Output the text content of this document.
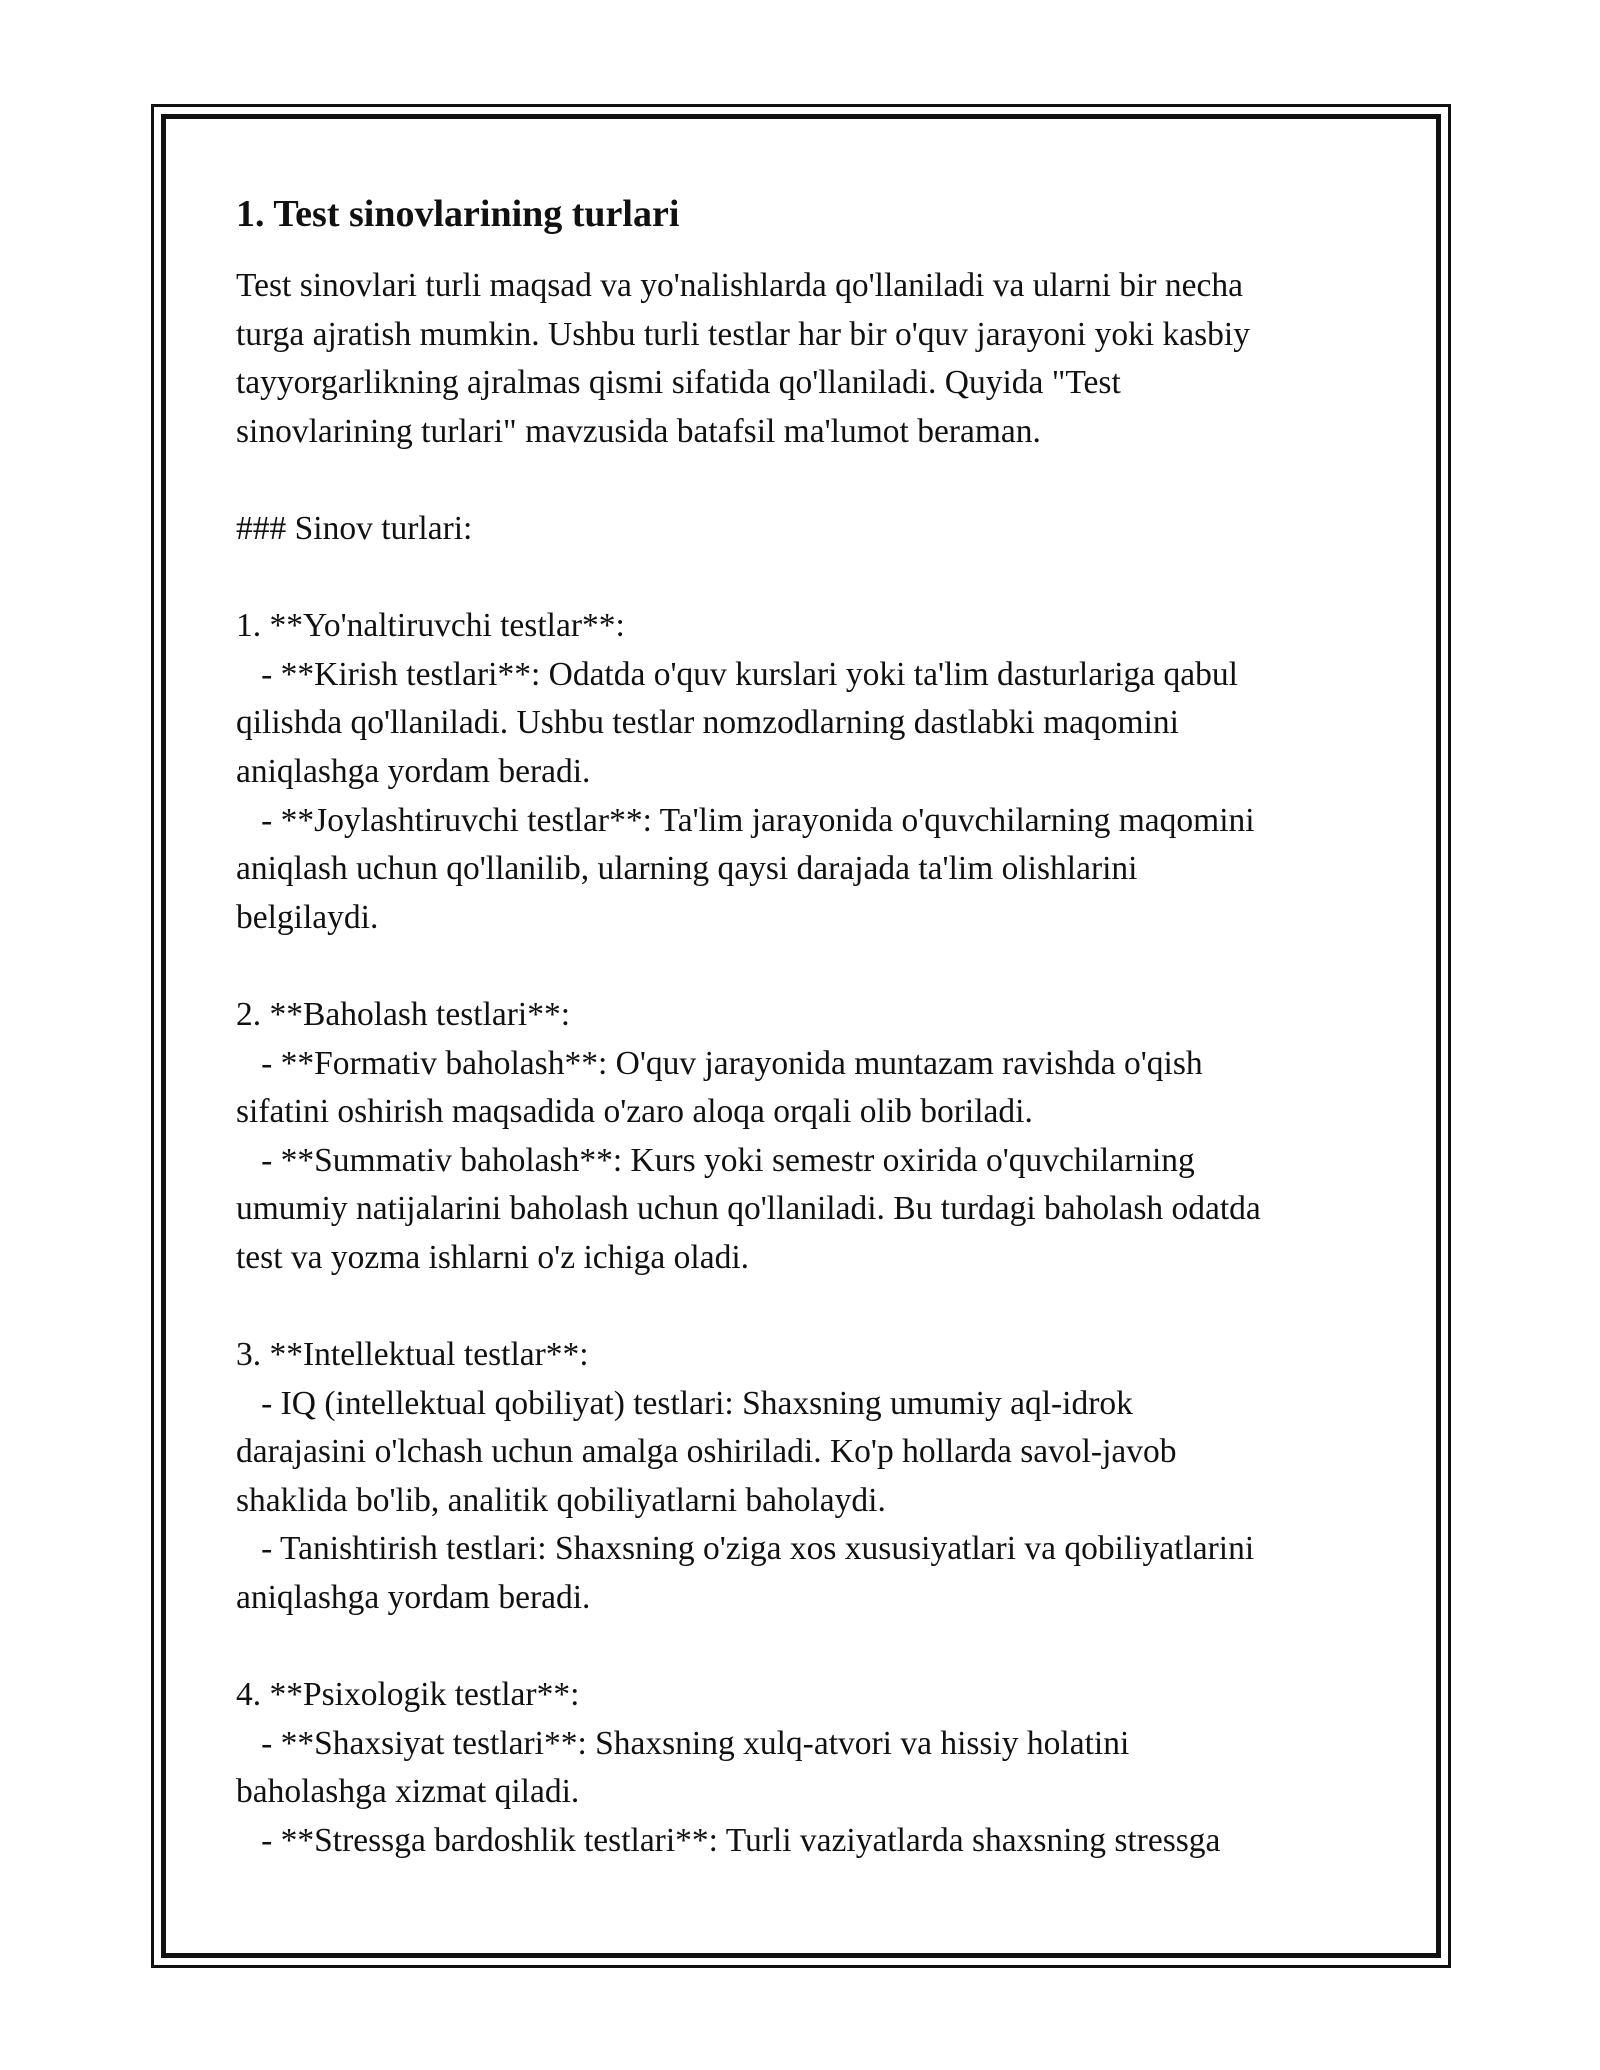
1. Test sinovlarining turlari
Test sinovlari turli maqsad va yo'nalishlarda qo'llaniladi va ularni bir necha
turga ajratish mumkin. Ushbu turli testlar har bir o'quv jarayoni yoki kasbiy
tayyorgarlikning ajralmas qismi sifatida qo'llaniladi. Quyida "Test
sinovlarining turlari" mavzusida batafsil ma'lumot beraman.
### Sinov turlari:
1. **Yo'naltiruvchi testlar**:
- **Kirish testlari**: Odatda o'quv kurslari yoki ta'lim dasturlariga qabul
qilishda qo'llaniladi. Ushbu testlar nomzodlarning dastlabki maqomini
aniqlashga yordam beradi.
- **Joylashtiruvchi testlar**: Ta'lim jarayonida o'quvchilarning maqomini
aniqlash uchun qo'llanilib, ularning qaysi darajada ta'lim olishlarini
belgilaydi.
2. **Baholash testlari**:
- **Formativ baholash**: O'quv jarayonida muntazam ravishda o'qish
sifatini oshirish maqsadida o'zaro aloqa orqali olib boriladi.
- **Summativ baholash**: Kurs yoki semestr oxirida o'quvchilarning
umumiy natijalarini baholash uchun qo'llaniladi. Bu turdagi baholash odatda
test va yozma ishlarni o'z ichiga oladi.
3. **Intellektual testlar**:
- IQ (intellektual qobiliyat) testlari: Shaxsning umumiy aql-idrok
darajasini o'lchash uchun amalga oshiriladi. Ko'p hollarda savol-javob
shaklida bo'lib, analitik qobiliyatlarni baholaydi.
- Tanishtirish testlari: Shaxsning o'ziga xos xususiyatlari va qobiliyatlarini
aniqlashga yordam beradi.
4. **Psixologik testlar**:
- **Shaxsiyat testlari**: Shaxsning xulq-atvori va hissiy holatini
baholashga xizmat qiladi.
- **Stressga bardoshlik testlari**: Turli vaziyatlarda shaxsning stressga
